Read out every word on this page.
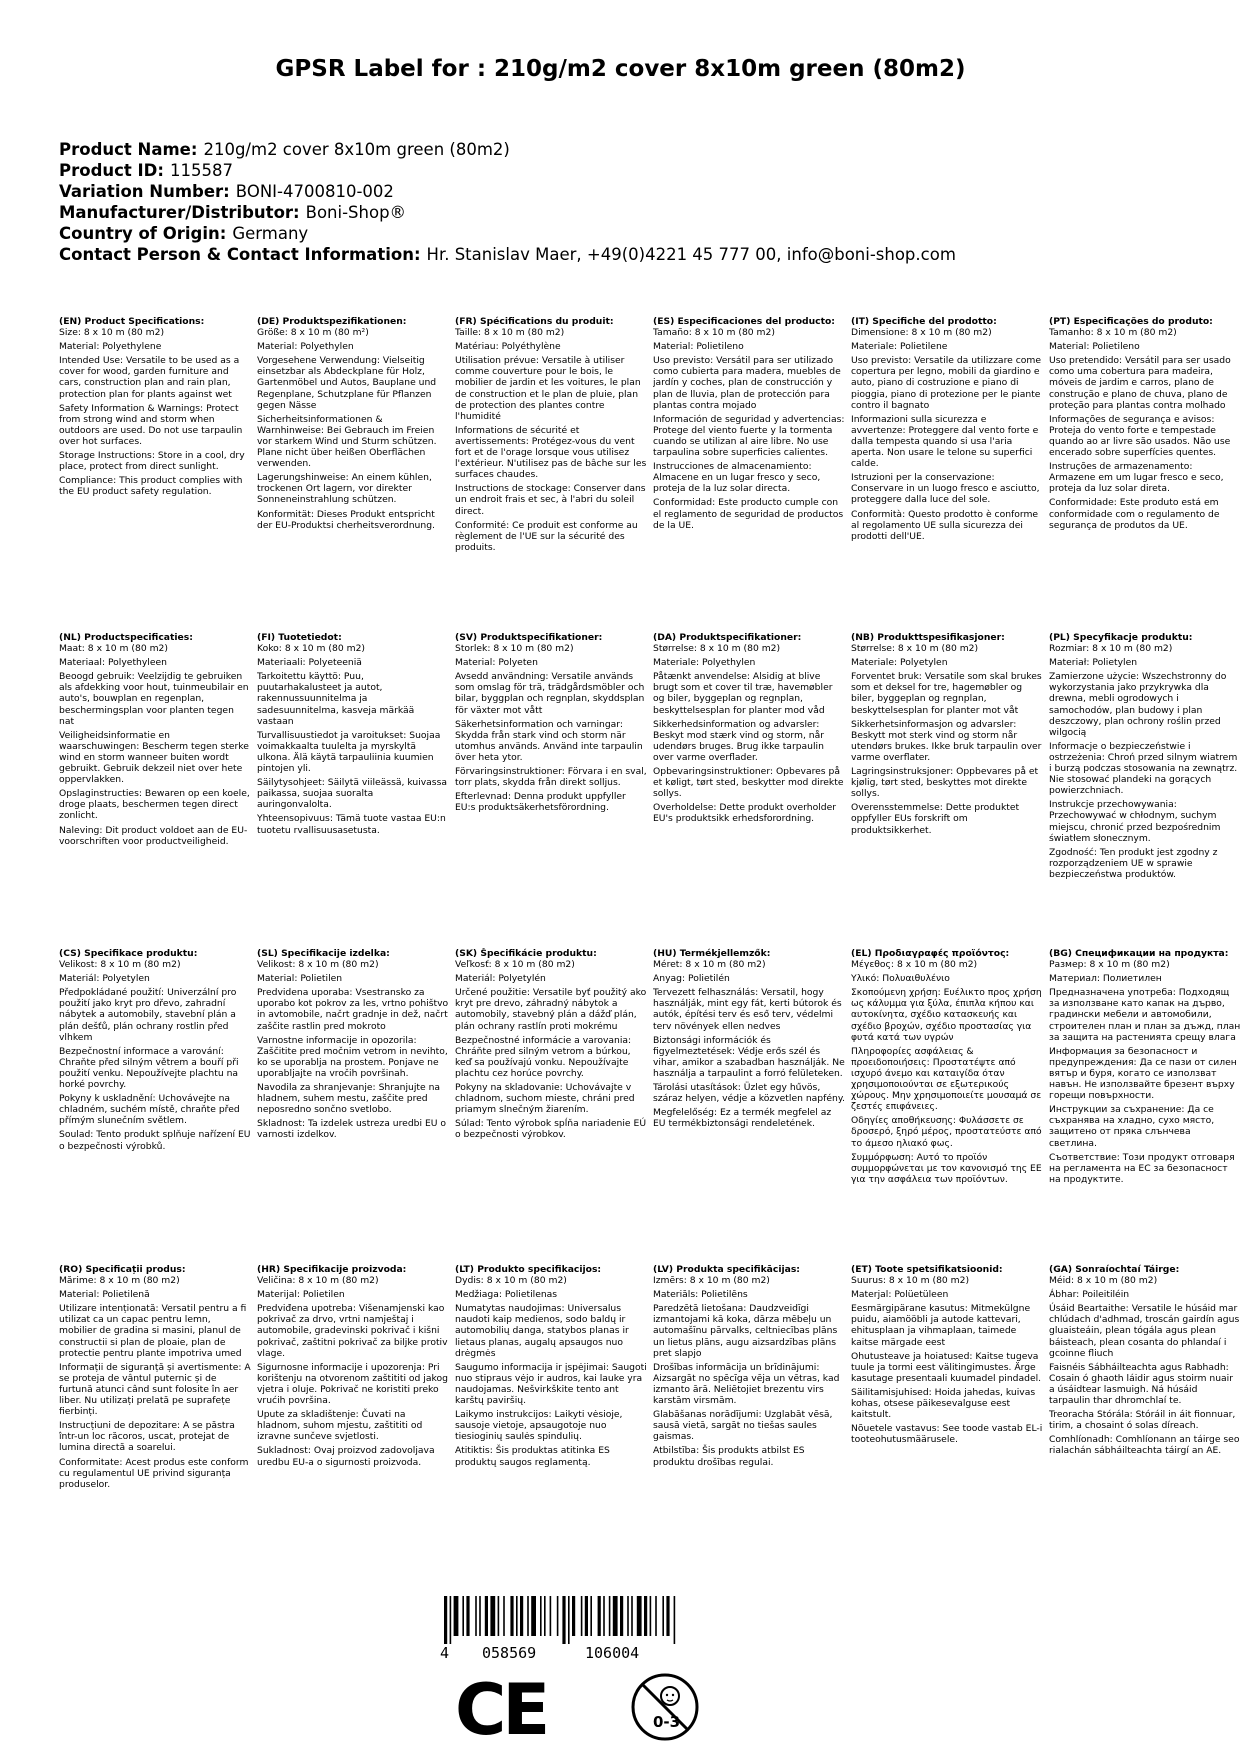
GPSR Label for : 210g/m2 cover 8x10m green (80m2)
Product Name: 210g/m2 cover 8x10m green (80m2)
Product ID: 115587
Variation Number: BONI-4700810-002
Manufacturer/Distributor: Boni-Shop®
Country of Origin: Germany
Contact Person & Contact Information: Hr. Stanislav Maer, +49(0)4221 45 777 00, info@boni-shop.com

(EN) Product Specifications:
Size: 8 x 10 m (80 m2)

Material: Polyethylene

Intended Use: Versatile to be used as a cover for wood, garden furniture and cars, construction plan and rain plan, protection plan for plants against wet

Safety Information & Warnings: Protect from strong wind and storm when outdoors are used. Do not use tarpaulin over hot surfaces.

Storage Instructions: Store in a cool, dry place, protect from direct sunlight.

Compliance: This product complies with the EU product safety regulation.

(DE) Produktspezifikationen:
Größe: 8 x 10 m (80 m²)

Material: Polyethylen

Vorgesehene Verwendung: Vielseitig einsetzbar als Abdeckplane für Holz, Gartenmöbel und Autos, Bauplane und Regenplane, Schutzplane für Pflanzen gegen Nässe

Sicherheitsinformationen & Warnhinweise: Bei Gebrauch im Freien vor starkem Wind und Sturm schützen. Plane nicht über heißen Oberflächen verwenden.

Lagerungshinweise: An einem kühlen, trockenen Ort lagern, vor direkter Sonneneinstrahlung schützen.

Konformität: Dieses Produkt entspricht der EU-Produktsi cherheitsverordnung.

(FR) Spécifications du produit:
Taille: 8 x 10 m (80 m2)

Matériau: Polyéthylène

Utilisation prévue: Versatile à utiliser comme couverture pour le bois, le mobilier de jardin et les voitures, le plan de construction et le plan de pluie, plan de protection des plantes contre l'humidité

Informations de sécurité et avertissements: Protégez-vous du vent fort et de l'orage lorsque vous utilisez l'extérieur. N'utilisez pas de bâche sur les surfaces chaudes.

Instructions de stockage: Conserver dans un endroit frais et sec, à l'abri du soleil direct.

Conformité: Ce produit est conforme au règlement de l'UE sur la sécurité des produits.

(ES) Especificaciones del producto:
Tamaño: 8 x 10 m (80 m2)

Material: Polietileno

Uso previsto: Versátil para ser utilizado como cubierta para madera, muebles de jardín y coches, plan de construcción y plan de lluvia, plan de protección para plantas contra mojado

Información de seguridad y advertencias: Protege del viento fuerte y la tormenta cuando se utilizan al aire libre. No use tarpaulina sobre superficies calientes.

Instrucciones de almacenamiento: Almacene en un lugar fresco y seco, proteja de la luz solar directa.

Conformidad: Este producto cumple con el reglamento de seguridad de productos de la UE.

(IT) Specifiche del prodotto:
Dimensione: 8 x 10 m (80 m2)

Materiale: Polietilene

Uso previsto: Versatile da utilizzare come copertura per legno, mobili da giardino e auto, piano di costruzione e piano di pioggia, piano di protezione per le piante contro il bagnato

Informazioni sulla sicurezza e avvertenze: Proteggere dal vento forte e dalla tempesta quando si usa l'aria aperta. Non usare le telone su superfici calde.

Istruzioni per la conservazione: Conservare in un luogo fresco e asciutto, proteggere dalla luce del sole.

Conformità: Questo prodotto è conforme al regolamento UE sulla sicurezza dei prodotti dell'UE.

(PT) Especificações do produto:
Tamanho: 8 x 10 m (80 m2)

Material: Polietileno

Uso pretendido: Versátil para ser usado como uma cobertura para madeira, móveis de jardim e carros, plano de construção e plano de chuva, plano de proteção para plantas contra molhado

Informações de segurança e avisos: Proteja do vento forte e tempestade quando ao ar livre são usados. Não use encerado sobre superfícies quentes.

Instruções de armazenamento: Armazene em um lugar fresco e seco, proteja da luz solar direta.

Conformidade: Este produto está em conformidade com o regulamento de segurança de produtos da UE.

(NL) Productspecificaties:
Maat: 8 x 10 m (80 m2)

Materiaal: Polyethyleen

Beoogd gebruik: Veelzijdig te gebruiken als afdekking voor hout, tuinmeubilair en auto's, bouwplan en regenplan, beschermingsplan voor planten tegen nat

Veiligheidsinformatie en waarschuwingen: Bescherm tegen sterke wind en storm wanneer buiten wordt gebruikt. Gebruik dekzeil niet over hete oppervlakken.

Opslaginstructies: Bewaren op een koele, droge plaats, beschermen tegen direct zonlicht.

Naleving: Dit product voldoet aan de EU-voorschriften voor productveiligheid.

(FI) Tuotetiedot:
Koko: 8 x 10 m (80 m2)

Materiaali: Polyeteeniä

Tarkoitettu käyttö: Puu, puutarhakalusteet ja autot, rakennussuunnitelma ja sadesuunnitelma, kasveja märkää vastaan

Turvallisuustiedot ja varoitukset: Suojaa voimakkaalta tuulelta ja myrskyltä ulkona. Älä käytä tarpauliinia kuumien pintojen yli.

Säilytysohjeet: Säilytä viileässä, kuivassa paikassa, suojaa suoralta auringonvalolta.

Yhteensopivuus: Tämä tuote vastaa EU:n tuotetu rvallisuusasetusta.

(SV) Produktspecifikationer:
Storlek: 8 x 10 m (80 m2)

Material: Polyeten

Avsedd användning: Versatile används som omslag för trä, trädgårdsmöbler och bilar, byggplan och regnplan, skyddsplan för växter mot vått

Säkerhetsinformation och varningar: Skydda från stark vind och storm när utomhus används. Använd inte tarpaulin över heta ytor.

Förvaringsinstruktioner: Förvara i en sval, torr plats, skydda från direkt solljus.

Efterlevnad: Denna produkt uppfyller EU:s produktsäkerhetsförordning.

(DA) Produktspecifikationer:
Størrelse: 8 x 10 m (80 m2)

Materiale: Polyethylen

Påtænkt anvendelse: Alsidig at blive brugt som et cover til træ, havemøbler og biler, byggeplan og regnplan, beskyttelsesplan for planter mod våd

Sikkerhedsinformation og advarsler: Beskyt mod stærk vind og storm, når udendørs bruges. Brug ikke tarpaulin over varme overflader.

Opbevaringsinstruktioner: Opbevares på et køligt, tørt sted, beskytter mod direkte sollys.

Overholdelse: Dette produkt overholder EU's produktsikk erhedsforordning.

(NB) Produkttspesifikasjoner:
Størrelse: 8 x 10 m (80 m2)

Materiale: Polyetylen

Forventet bruk: Versatile som skal brukes som et deksel for tre, hagemøbler og biler, byggeplan og regnplan, beskyttelsesplan for planter mot våt

Sikkerhetsinformasjon og advarsler: Beskytt mot sterk vind og storm når utendørs brukes. Ikke bruk tarpaulin over varme overflater.

Lagringsinstruksjoner: Oppbevares på et kjølig, tørt sted, beskyttes mot direkte sollys.

Overensstemmelse: Dette produktet oppfyller EUs forskrift om produktsikkerhet.

(PL) Specyfikacje produktu:
Rozmiar: 8 x 10 m (80 m2)

Materiał: Polietylen

Zamierzone użycie: Wszechstronny do wykorzystania jako przykrywka dla drewna, mebli ogrodowych i samochodów, plan budowy i plan deszczowy, plan ochrony roślin przed wilgocią

Informacje o bezpieczeństwie i ostrzeżenia: Chroń przed silnym wiatrem i burzą podczas stosowania na zewnątrz. Nie stosować plandeki na gorących powierzchniach.

Instrukcje przechowywania: Przechowywać w chłodnym, suchym miejscu, chronić przed bezpośrednim światłem słonecznym.

Zgodność: Ten produkt jest zgodny z rozporządzeniem UE w sprawie bezpieczeństwa produktów.

(CS) Specifikace produktu:
Velikost: 8 x 10 m (80 m2)

Materiál: Polyetylen

Předpokládané použití: Univerzální pro použití jako kryt pro dřevo, zahradní nábytek a automobily, stavební plán a plán dešťů, plán ochrany rostlin před vlhkem

Bezpečnostní informace a varování: Chraňte před silným větrem a bouří při použití venku. Nepoužívejte plachtu na horké povrchy.

Pokyny k uskladnění: Uchovávejte na chladném, suchém místě, chraňte před přímým slunečním světlem.

Soulad: Tento produkt splňuje nařízení EU o bezpečnosti výrobků.

(SL) Specifikacije izdelka:
Velikost: 8 x 10 m (80 m2)

Material: Polietilen

Predvidena uporaba: Vsestransko za uporabo kot pokrov za les, vrtno pohištvo in avtomobile, načrt gradnje in dež, načrt zaščite rastlin pred mokroto

Varnostne informacije in opozorila: Zaščitite pred močnim vetrom in nevihto, ko se uporablja na prostem. Ponjave ne uporabljajte na vročih površinah.

Navodila za shranjevanje: Shranjujte na hladnem, suhem mestu, zaščite pred neposredno sončno svetlobo.

Skladnost: Ta izdelek ustreza uredbi EU o varnosti izdelkov.

(SK) Špecifikácie produktu:
Veľkosť: 8 x 10 m (80 m2)

Materiál: Polyetylén

Určené použitie: Versatile byť použitý ako kryt pre drevo, záhradný nábytok a automobily, stavebný plán a dážď plán, plán ochrany rastlín proti mokrému

Bezpečnostné informácie a varovania: Chráňte pred silným vetrom a búrkou, keď sa používajú vonku. Nepoužívajte plachtu cez horúce povrchy.

Pokyny na skladovanie: Uchovávajte v chladnom, suchom mieste, chráni pred priamym slnečným žiarením.

Súlad: Tento výrobok spĺňa nariadenie EÚ o bezpečnosti výrobkov.

(HU) Termékjellemzők:
Méret: 8 x 10 m (80 m2)

Anyag: Polietilén

Tervezett felhasználás: Versatil, hogy használják, mint egy fát, kerti bútorok és autók, építési terv és eső terv, védelmi terv növények ellen nedves

Biztonsági információk és figyelmeztetések: Védje erős szél és vihar, amikor a szabadban használják. Ne használja a tarpaulint a forró felületeken.

Tárolási utasítások: Üzlet egy hűvös, száraz helyen, védje a közvetlen napfény.

Megfelelőség: Ez a termék megfelel az EU termékbiztonsági rendeletének.

(EL) Προδιαγραφές προϊόντος:
Μέγεθος: 8 x 10 m (80 m2)

Υλικό: Πολυαιθυλένιο

Σκοπούμενη χρήση: Ευέλικτο προς χρήση ως κάλυμμα για ξύλα, έπιπλα κήπου και αυτοκίνητα, σχέδιο κατασκευής και σχέδιο βροχών, σχέδιο προστασίας για φυτά κατά των υγρών

Πληροφορίες ασφάλειας & προειδοποιήσεις: Προστατέψτε από ισχυρό άνεμο και καταιγίδα όταν χρησιμοποιούνται σε εξωτερικούς χώρους. Μην χρησιμοποιείτε μουσαμά σε ζεστές επιφάνειες.

Οδηγίες αποθήκευσης: Φυλάσσετε σε δροσερό, ξηρό μέρος, προστατεύστε από το άμεσο ηλιακό φως.

Συμμόρφωση: Αυτό το προϊόν συμμορφώνεται με τον κανονισμό της ΕΕ για την ασφάλεια των προϊόντων.

(BG) Спецификации на продукта:
Размер: 8 x 10 m (80 m2)

Материал: Полиетилен

Предназначена употреба: Подходящ за използване като капак на дърво, градински мебели и автомобили, строителен план и план за дъжд, план за защита на растенията срещу влага

Информация за безопасност и предупреждения: Да се пази от силен вятър и буря, когато се използват навън. Не използвайте брезент върху горещи повърхности.

Инструкции за съхранение: Да се съхранява на хладно, сухо място, защитено от пряка слънчева светлина.

Съответствие: Този продукт отговаря на регламента на ЕС за безопасност на продуктите.

(RO) Specificații produs:
Mărime: 8 x 10 m (80 m2)

Material: Polietilenă

Utilizare intenționată: Versatil pentru a fi utilizat ca un capac pentru lemn, mobilier de gradina si masini, planul de constructii si plan de ploaie, plan de protectie pentru plante impotriva umed

Informații de siguranță și avertismente: A se proteja de vântul puternic și de furtună atunci când sunt folosite în aer liber. Nu utilizați prelată pe suprafețe fierbinți.

Instrucțiuni de depozitare: A se păstra într-un loc răcoros, uscat, protejat de lumina directă a soarelui.

Conformitate: Acest produs este conform cu regulamentul UE privind siguranța produselor.

(HR) Specifikacije proizvoda:
Veličina: 8 x 10 m (80 m2)

Materijal: Polietilen

Predviđena upotreba: Višenamjenski kao pokrivač za drvo, vrtni namještaj i automobile, gradevinski pokrivač i kišni pokrivač, zaštitni pokrivač za biljke protiv vlage.

Sigurnosne informacije i upozorenja: Pri korištenju na otvorenom zaštititi od jakog vjetra i oluje. Pokrivač ne koristiti preko vrućih površina.

Upute za skladištenje: Čuvati na hladnom, suhom mjestu, zaštititi od izravne sunčeve svjetlosti.

Sukladnost: Ovaj proizvod zadovoljava uredbu EU-a o sigurnosti proizvoda.

(LT) Produkto specifikacijos:
Dydis: 8 x 10 m (80 m2)

Medžiaga: Polietilenas

Numatytas naudojimas: Universalus naudoti kaip medienos, sodo baldų ir automobilių danga, statybos planas ir lietaus planas, augalų apsaugos nuo drėgmės

Saugumo informacija ir įspėjimai: Saugoti nuo stipraus vėjo ir audros, kai lauke yra naudojamas. Nešvirkškite tento ant karštų paviršių.

Laikymo instrukcijos: Laikyti vėsioje, sausoje vietoje, apsaugotoje nuo tiesioginių saulės spindulių.

Atitiktis: Šis produktas atitinka ES produktų saugos reglamentą.

(LV) Produkta specifikācijas:
Izmērs: 8 x 10 m (80 m2)

Materiāls: Polietilēns

Paredzētā lietošana: Daudzveidīgi izmantojami kā koka, dārza mēbeļu un automašīnu pārvalks, celtniecības plāns un lietus plāns, augu aizsardzības plāns pret slapjo

Drošības informācija un brīdinājumi: Aizsargāt no spēcīga vēja un vētras, kad izmanto ārā. Neliētojiet brezentu virs karstām virsmām.

Glabāšanas norādījumi: Uzglabāt vēsā, sausā vietā, sargāt no tiešas saules gaismas.

Atbilstība: Šis produkts atbilst ES produktu drošības regulai.

(ET) Toote spetsifikatsioonid:
Suurus: 8 x 10 m (80 m2)

Materjal: Polüetüleen

Eesmärgipärane kasutus: Mitmekülgne puidu, aiamööbli ja autode kattevari, ehitusplaan ja vihmaplaan, taimede kaitse märgade eest

Ohutusteave ja hoiatused: Kaitse tugeva tuule ja tormi eest välitingimustes. Ärge kasutage presentaali kuumadel pindadel.

Säilitamisjuhised: Hoida jahedas, kuivas kohas, otsese päikesevalguse eest kaitstult.

Nõuetele vastavus: See toode vastab EL-i tooteohutusmäärusele.

(GA) Sonraíochtaí Táirge:
Méid: 8 x 10 m (80 m2)

Ábhar: Poileitiléin

Úsáid Beartaithe: Versatile le húsáid mar chlúdach d'adhmad, troscán gairdín agus gluaisteáin, plean tógála agus plean báisteach, plean cosanta do phlandaí i gcoinne fliuch

Faisnéis Sábháilteachta agus Rabhadh: Cosain ó ghaoth láidir agus stoirm nuair a úsáidtear lasmuigh. Ná húsáid tarpaulin thar dhromchlaí te.

Treoracha Stórála: Stóráil in áit fionnuar, tirim, a chosaint ó solas díreach.

Comhlíonadh: Comhlíonann an táirge seo rialachán sábháilteachta táirgí an AE.

4 058569	106004
CE	0-3
